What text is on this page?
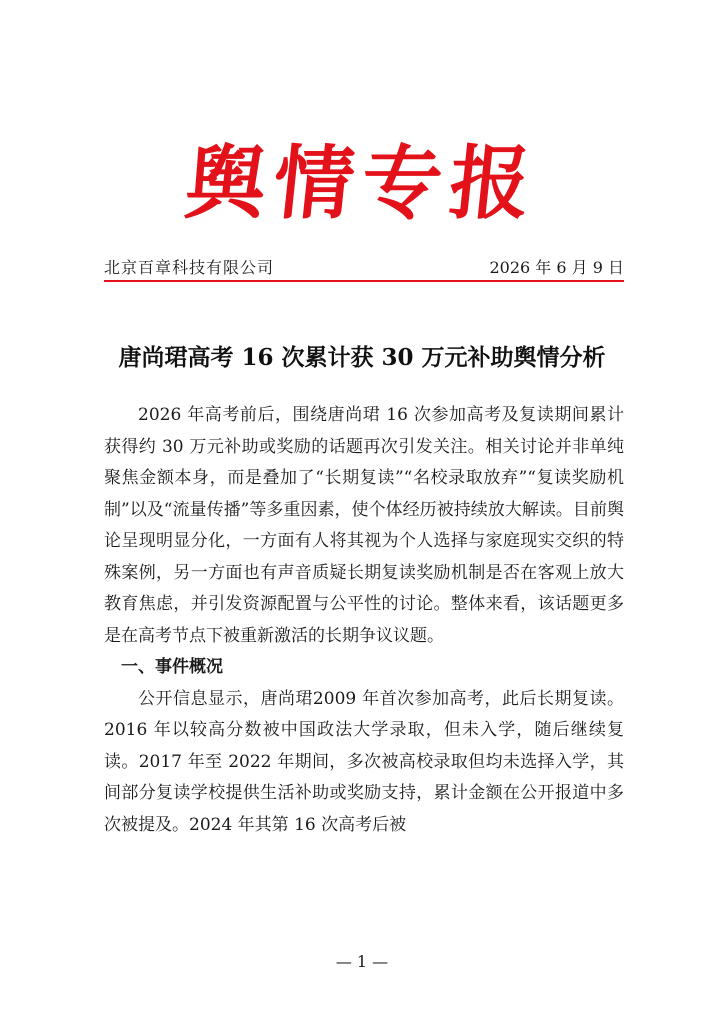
舆情专报
北京百章科技有限公司	2026 年 6 月 9 日
唐尚珺高考 16 次累计获 30 万元补助舆情分析

2026 年高考前后，围绕唐尚珺 16 次参加高考及复读期间累计获得约 30 万元补助或奖励的话题再次引发关注。相关讨论并非单纯聚焦金额本身，而是叠加了“长期复读”“名校录取放弃”“复读奖励机制”以及“流量传播”等多重因素，使个体经历被持续放大解读。目前舆论呈现明显分化，一方面有人将其视为个人选择与家庭现实交织的特殊案例，另一方面也有声音质疑长期复读奖励机制是否在客观上放大教育焦虑，并引发资源配置与公平性的讨论。整体来看，该话题更多是在高考节点下被重新激活的长期争议议题。

一、事件概况

公开信息显示，唐尚珺2009 年首次参加高考，此后长期复读。2016 年以较高分数被中国政法大学录取，但未入学，随后继续复读。2017 年至 2022 年期间，多次被高校录取但均未选择入学，其间部分复读学校提供生活补助或奖励支持，累计金额在公开报道中多次被提及。2024 年其第 16 次高考后被

— 1 —
